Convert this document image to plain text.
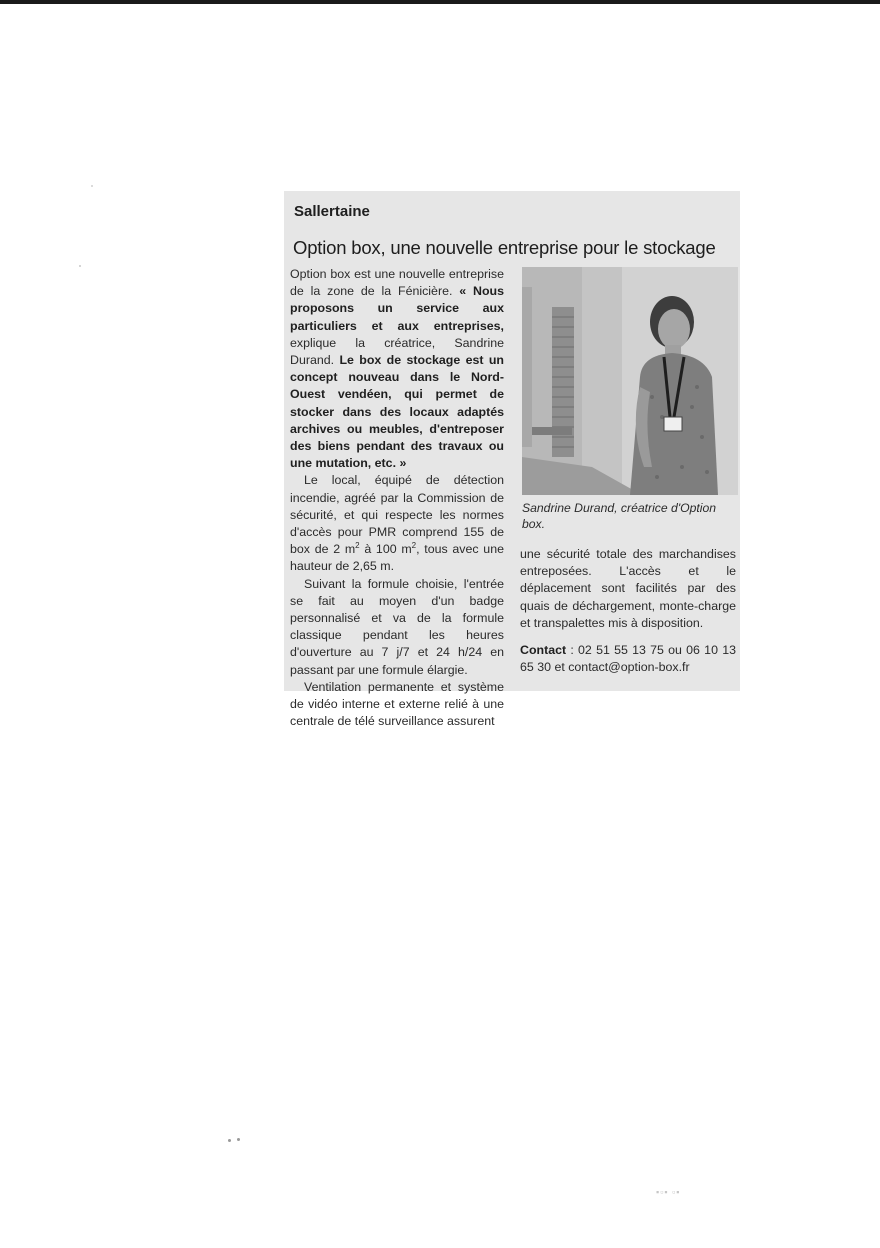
Sallertaine
Option box, une nouvelle entreprise pour le stockage

Option box est une nouvelle entreprise de la zone de la Fénicière. « Nous proposons un service aux particuliers et aux entreprises, explique la créatrice, Sandrine Durand. Le box de stockage est un concept nouveau dans le Nord-Ouest vendéen, qui permet de stocker dans des locaux adaptés archives ou meubles, d'entreposer des biens pendant des travaux ou une mutation, etc. »

Le local, équipé de détection incendie, agréé par la Commission de sécurité, et qui respecte les normes d'accès pour PMR comprend 155 de box de 2 $m^2$ à 100 $m^2$, tous avec une hauteur de 2,65 m.

Suivant la formule choisie, l'entrée se fait au moyen d'un badge personnalisé et va de la formule classique pendant les heures d'ouverture au 7 j/7 et 24 h/24 en passant par une formule élargie.

Ventilation permanente et système de vidéo interne et externe relié à une centrale de télé surveillance assurent

Sandrine Durand, créatrice d'Option box.

une sécurité totale des marchandises entreposées. L'accès et le déplacement sont facilités par des quais de déchargement, monte-charge et transpalettes mis à disposition.

Contact : 02 51 55 13 75 ou 06 10 13 65 30 et contact@option-box.fr

▪▫▪ ▫▪
